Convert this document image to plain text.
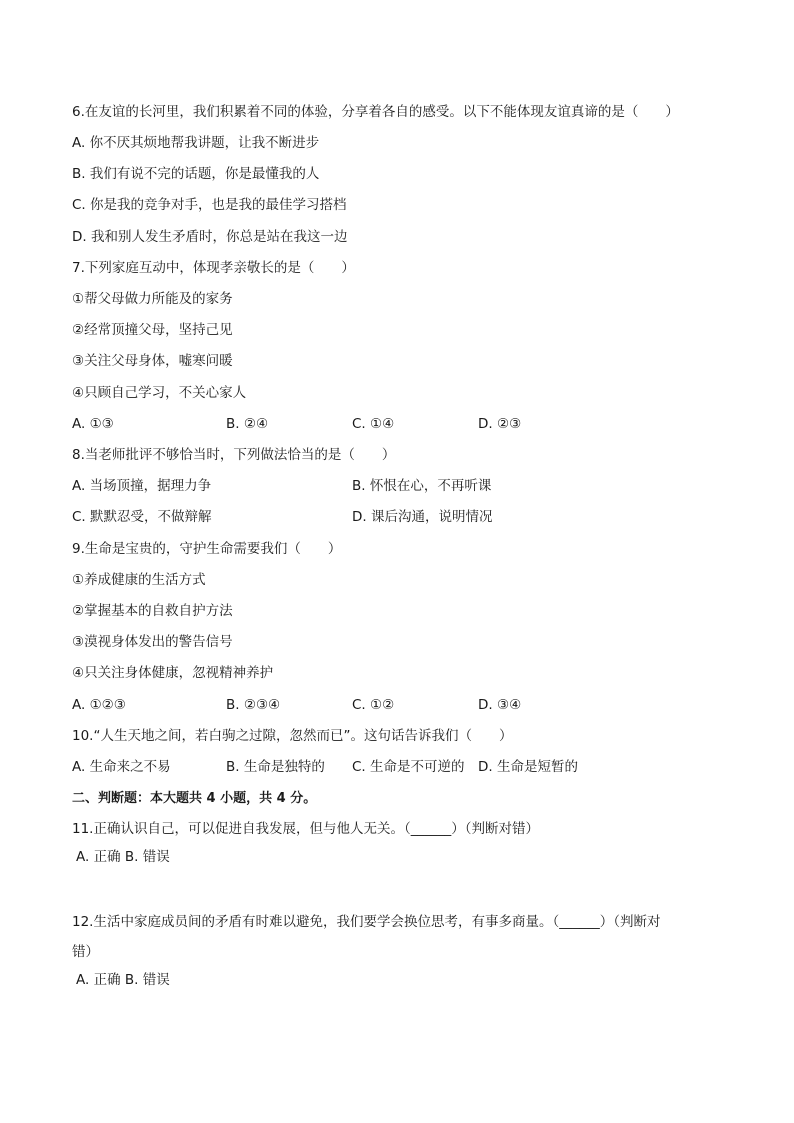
6.在友谊的长河里，我们积累着不同的体验，分享着各自的感受。以下不能体现友谊真谛的是（　　）
A. 你不厌其烦地帮我讲题，让我不断进步
B. 我们有说不完的话题，你是最懂我的人
C. 你是我的竞争对手，也是我的最佳学习搭档
D. 我和别人发生矛盾时，你总是站在我这一边
7.下列家庭互动中，体现孝亲敬长的是（　　）
①帮父母做力所能及的家务
②经常顶撞父母，坚持己见
③关注父母身体，嘘寒问暖
④只顾自己学习，不关心家人
A. ①③	B. ②④	C. ①④	D. ②③
8.当老师批评不够恰当时，下列做法恰当的是（　　）
A. 当场顶撞，据理力争	B. 怀恨在心，不再听课
C. 默默忍受，不做辩解	D. 课后沟通，说明情况
9.生命是宝贵的，守护生命需要我们（　　）
①养成健康的生活方式
②掌握基本的自救自护方法
③漠视身体发出的警告信号
④只关注身体健康，忽视精神养护
A. ①②③	B. ②③④	C. ①②	D. ③④
10.“人生天地之间，若白驹之过隙，忽然而已”。这句话告诉我们（　　）
A. 生命来之不易	B. 生命是独特的 C. 生命是不可逆的 D. 生命是短暂的
二、判断题：本大题共 4 小题，共 4 分。
11.正确认识自己，可以促进自我发展，但与他人无关。（______）（判断对错）
A. 正确 B. 错误
12.生活中家庭成员间的矛盾有时难以避免，我们要学会换位思考，有事多商量。（______）（判断对
错）
A. 正确 B. 错误
